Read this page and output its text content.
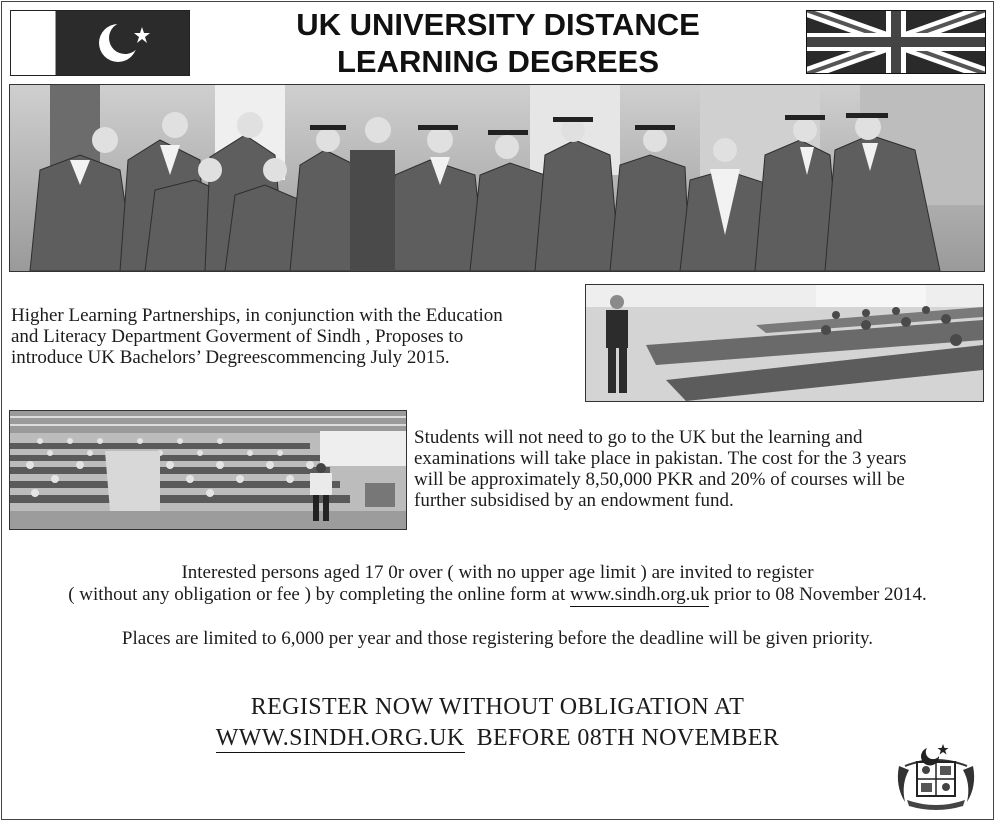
UK UNIVERSITY DISTANCE
LEARNING DEGREES
Higher Learning Partnerships, in conjunction with the Education
and Literacy Department Goverment of Sindh , Proposes to
introduce UK Bachelors’ Degreescommencing July 2015.
Students will not need to go to the UK but the learning and
examinations will take place in pakistan. The cost for the 3 years
will be approximately 8,50,000 PKR and 20% of courses will be
further subsidised by an endowment fund.
Interested persons aged 17 0r over ( with no upper age limit ) are invited to register
( without any obligation or fee ) by completing the online form at www.sindh.org.uk prior to 08 November 2014.
Places are limited to 6,000 per year and those registering before the deadline will be given priority.
REGISTER NOW WITHOUT OBLIGATION AT
WWW.SINDH.ORG.UK BEFORE 08TH NOVEMBER
